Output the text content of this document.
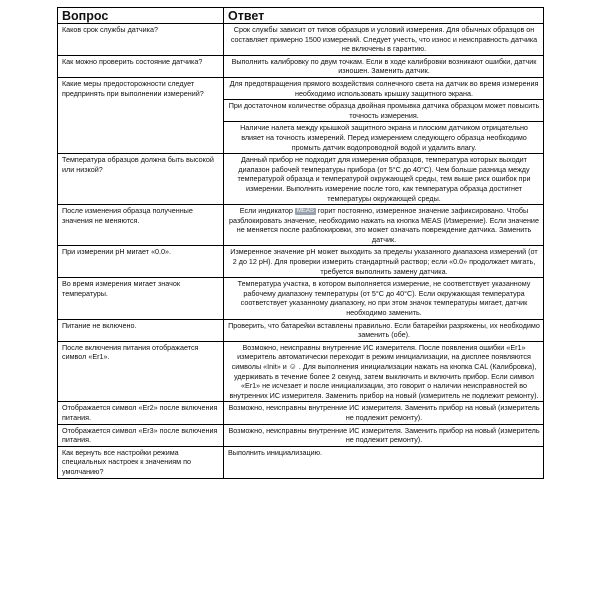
Вопрос	Ответ
Каков срок службы датчика?	Срок службы зависит от типов образцов и условий измерения. Для обычных образцов он составляет примерно 1500 измерений. Следует учесть, что износ и неисправность датчика не включены в гарантию.
Как можно проверить состояние датчика?	Выполнить калибровку по двум точкам. Если в ходе калибровки возникают ошибки, датчик изношен. Заменить датчик.
Какие меры предосторожности следует предпринять при выполнении измерений?	Для предотвращения прямого воздействия солнечного света на датчик во время измерения необходимо использовать крышку защитного экрана.
	При достаточном количестве образца двойная промывка датчика образцом может повысить точность измерения.
	Наличие налета между крышкой защитного экрана и плоским датчиком отрицательно влияет на точность измерений. Перед измерением следующего образца необходимо промыть датчик водопроводной водой и удалить влагу.
Температура образцов должна быть высокой или низкой?	Данный прибор не подходит для измерения образцов, температура которых выходит диапазон рабочей температуры прибора (от 5°С до 40°С). Чем больше разница между температурой образца и температурой окружающей среды, тем выше риск ошибок при измерении. Выполнить измерение после того, как температура образца достигнет температуры окружающей среды.
После изменения образца полученные значения не меняются.	Если индикатор MEAS горит постоянно, измеренное значение зафиксировано. Чтобы разблокировать значение, необходимо нажать на кнопка MEAS (Измерение). Если значение не меняется после разблокировки, это может означать повреждение датчика. Заменить датчик.
При измерении рН мигает «0.0».	Измеренное значение рН может выходить за пределы указанного диапазона измерений (от 2 до 12 рН). Для проверки измерить стандартный раствор; если «0.0» продолжает мигать, требуется выполнить замену датчика.
Во время измерения мигает значок температуры.	Температура участка, в котором выполняется измерение, не соответствует указанному рабочему диапазону температуры (от 5°С до 40°С). Если окружающая температура соответствует указанному диапазону, но при этом значок температуры мигает, датчик необходимо заменить.
Питание не включено.	Проверить, что батарейки вставлены правильно. Если батарейки разряжены, их необходимо заменить (обе).
После включения питания отображается символ «Er1».	Возможно, неисправны внутренние ИС измерителя. После появления ошибки «Er1» измеритель автоматически переходит в режим инициализации, на дисплее появляются символы «Init» и ☺ . Для выполнения инициализации нажать на кнопка CAL (Калибровка), удерживать в течение более 2 секунд, затем выключить и включить прибор. Если символ «Er1» не исчезает и после инициализации, это говорит о наличии неисправностей во внутренних ИС измерителя. Заменить прибор на новый (измеритель не подлежит ремонту).
Отображается символ «Er2» после включения питания.	Возможно, неисправны внутренние ИС измерителя. Заменить прибор на новый (измеритель не подлежит ремонту).
Отображается символ «Er3» после включения питания.	Возможно, неисправны внутренние ИС измерителя. Заменить прибор на новый (измеритель не подлежит ремонту).
Как вернуть все настройки режима специальных настроек к значениям по умолчанию?	Выполнить инициализацию.
